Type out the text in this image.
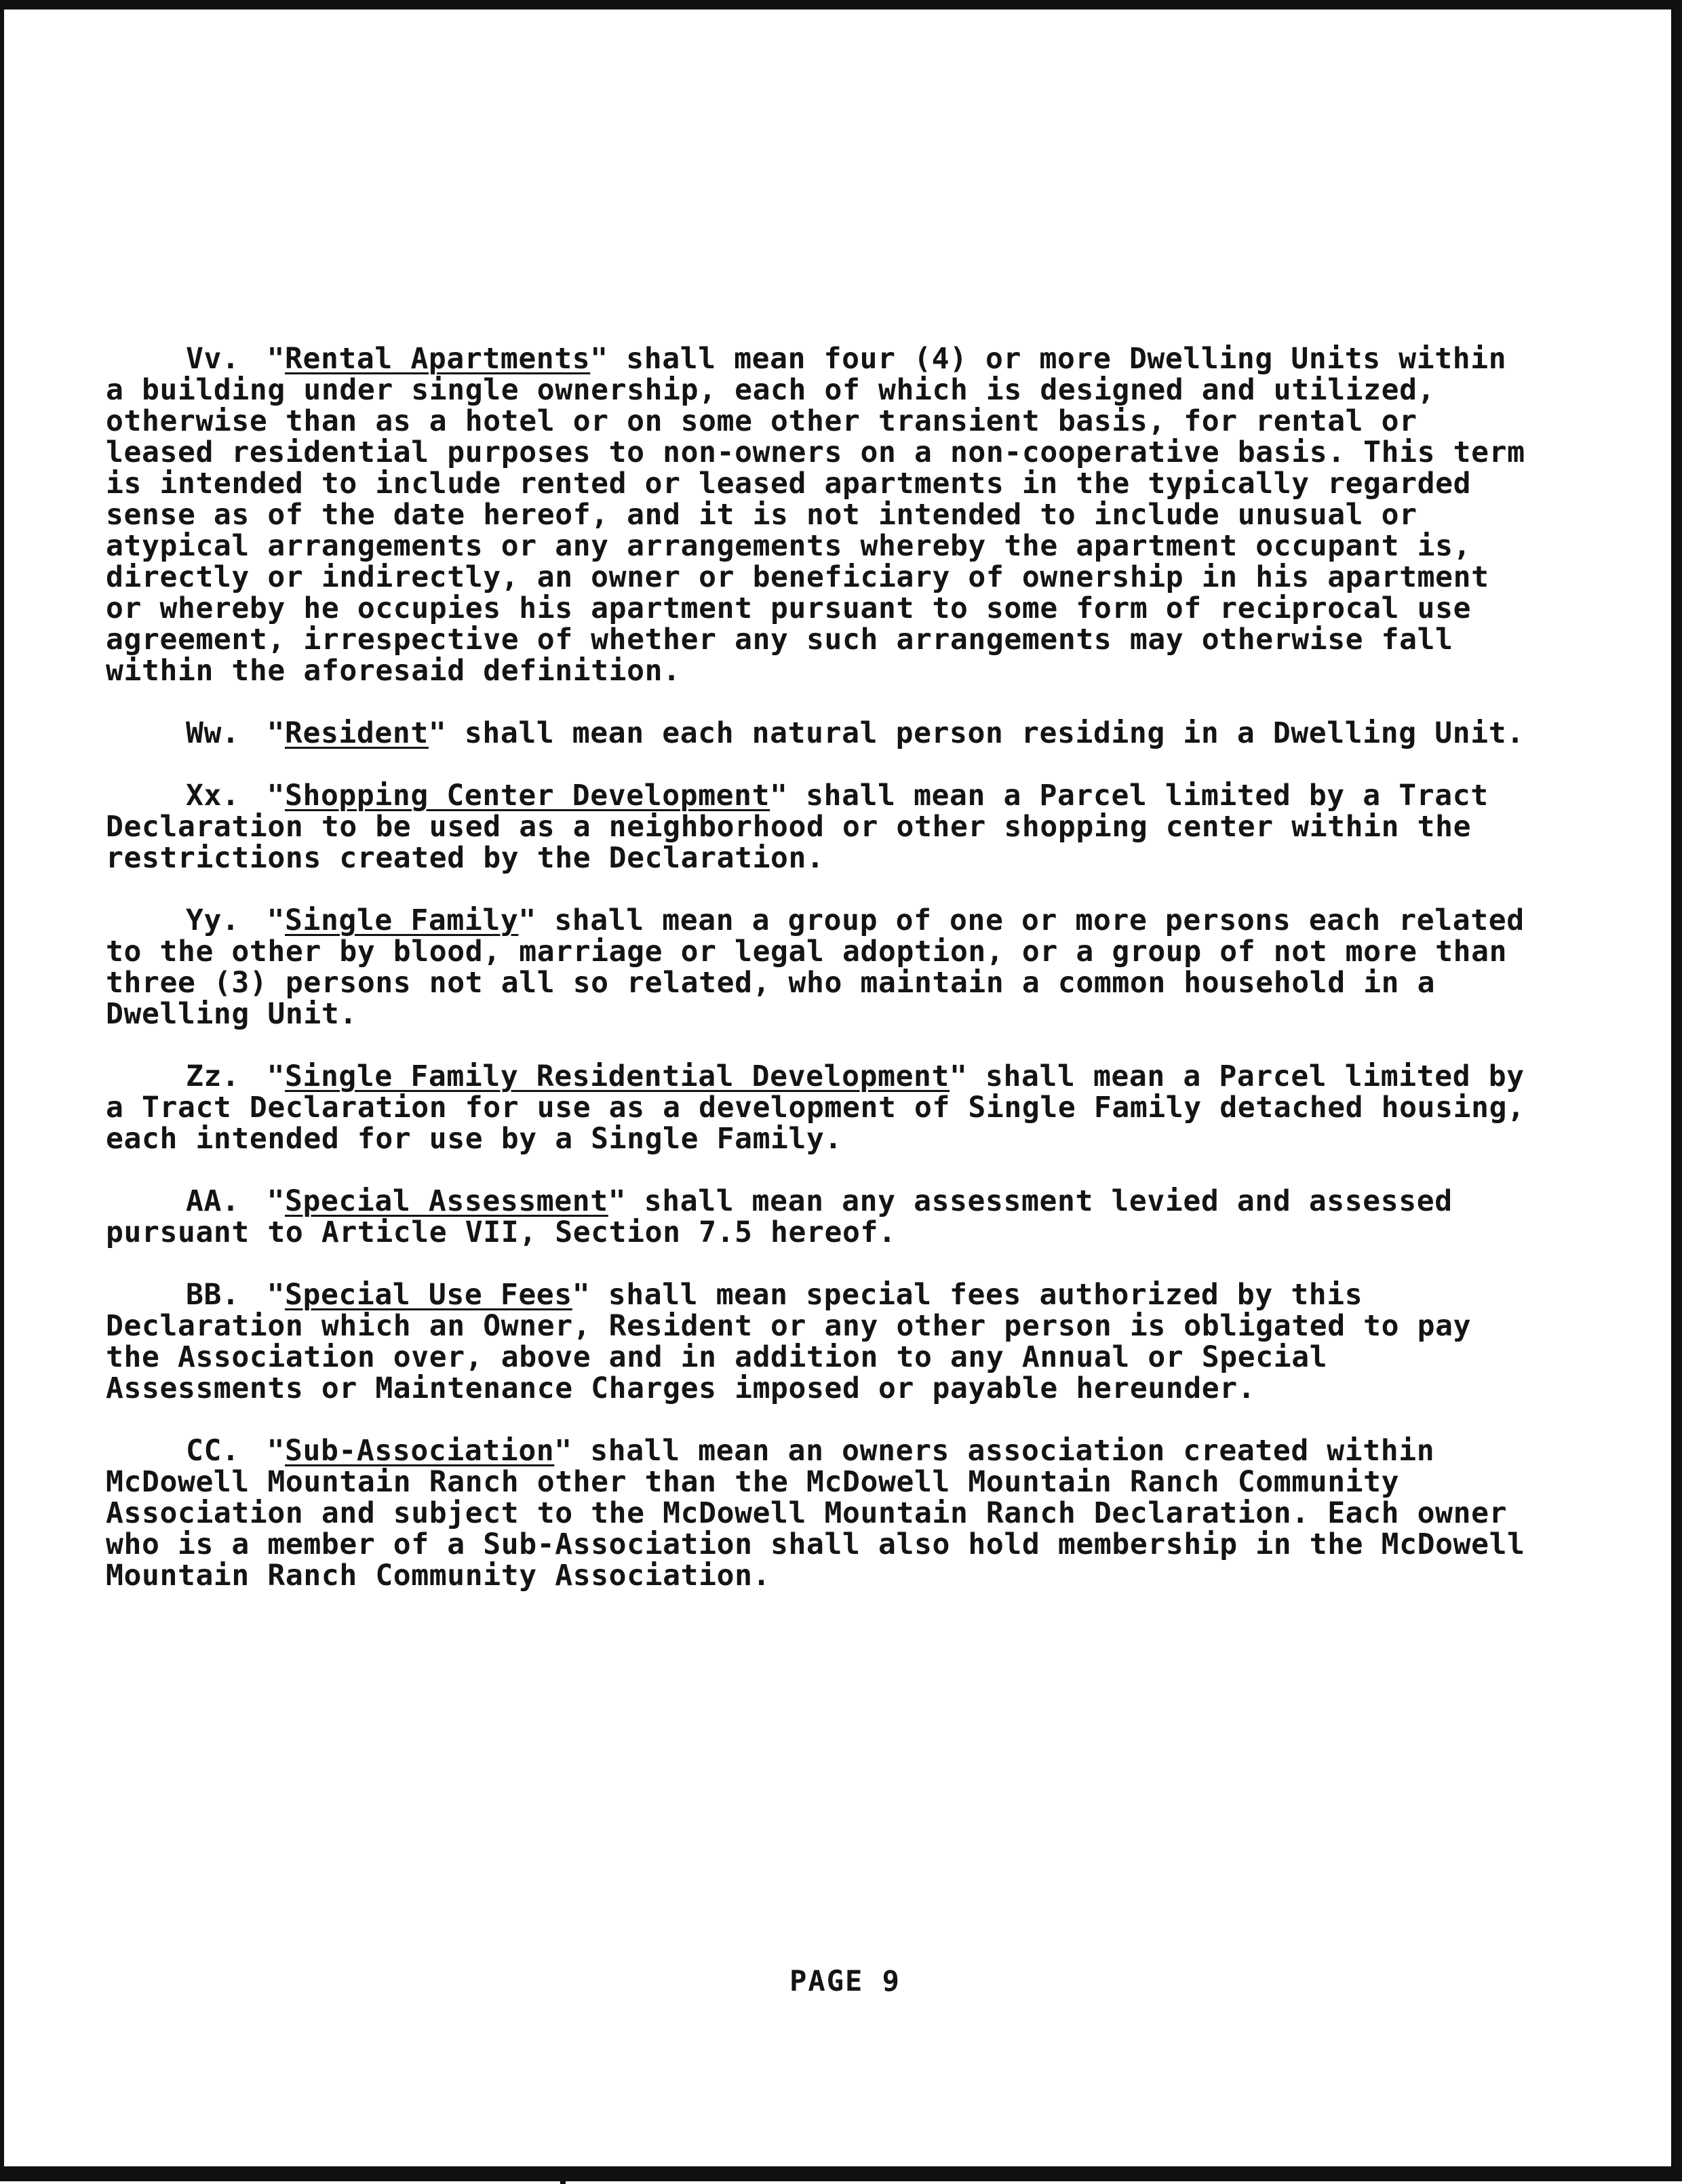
Vv. "Rental Apartments" shall mean four (4) or more Dwelling Units within a building under single ownership, each of which is designed and utilized, otherwise than as a hotel or on some other transient basis, for rental or leased residential purposes to non-owners on a non-cooperative basis. This term is intended to include rented or leased apartments in the typically regarded sense as of the date hereof, and it is not intended to include unusual or atypical arrangements or any arrangements whereby the apartment occupant is, directly or indirectly, an owner or beneficiary of ownership in his apartment or whereby he occupies his apartment pursuant to some form of reciprocal use agreement, irrespective of whether any such arrangements may otherwise fall within the aforesaid definition.

Ww. "Resident" shall mean each natural person residing in a Dwelling Unit.

Xx. "Shopping Center Development" shall mean a Parcel limited by a Tract Declaration to be used as a neighborhood or other shopping center within the restrictions created by the Declaration.

Yy. "Single Family" shall mean a group of one or more persons each related to the other by blood, marriage or legal adoption, or a group of not more than three (3) persons not all so related, who maintain a common household in a Dwelling Unit.

Zz. "Single Family Residential Development" shall mean a Parcel limited by a Tract Declaration for use as a development of Single Family detached housing, each intended for use by a Single Family.

AA. "Special Assessment" shall mean any assessment levied and assessed pursuant to Article VII, Section 7.5 hereof.

BB. "Special Use Fees" shall mean special fees authorized by this Declaration which an Owner, Resident or any other person is obligated to pay the Association over, above and in addition to any Annual or Special Assessments or Maintenance Charges imposed or payable hereunder.

CC. "Sub-Association" shall mean an owners association created within McDowell Mountain Ranch other than the McDowell Mountain Ranch Community Association and subject to the McDowell Mountain Ranch Declaration. Each owner who is a member of a Sub-Association shall also hold membership in the McDowell Mountain Ranch Community Association.

PAGE 9
